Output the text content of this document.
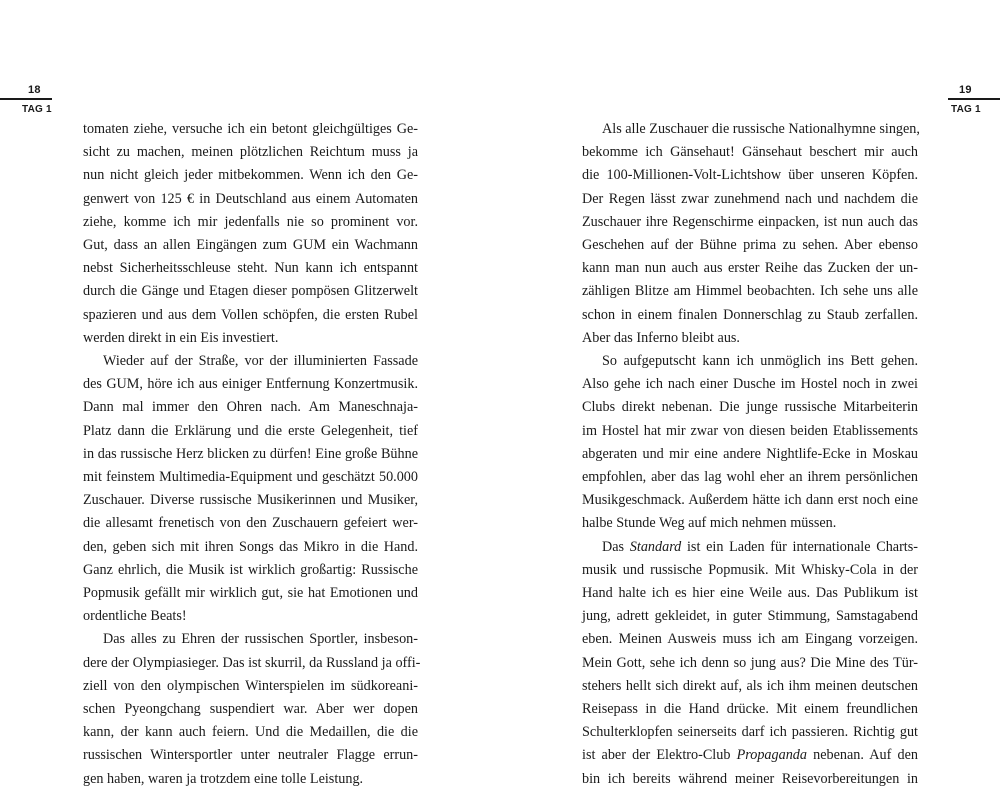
18
TAG 1
19
TAG 1
tomaten ziehe, versuche ich ein betont gleichgültiges Ge-
sicht zu machen, meinen plötzlichen Reichtum muss ja
nun nicht gleich jeder mitbekommen. Wenn ich den Ge-
genwert von 125 € in Deutschland aus einem Automaten
ziehe, komme ich mir jedenfalls nie so prominent vor.
Gut, dass an allen Eingängen zum GUM ein Wachmann
nebst Sicherheitsschleuse steht. Nun kann ich entspannt
durch die Gänge und Etagen dieser pompösen Glitzerwelt
spazieren und aus dem Vollen schöpfen, die ersten Rubel
werden direkt in ein Eis investiert.
Wieder auf der Straße, vor der illuminierten Fassade
des GUM, höre ich aus einiger Entfernung Konzertmusik.
Dann mal immer den Ohren nach. Am Maneschnaja-
Platz dann die Erklärung und die erste Gelegenheit, tief
in das russische Herz blicken zu dürfen! Eine große Bühne
mit feinstem Multimedia-Equipment und geschätzt 50.000
Zuschauer. Diverse russische Musikerinnen und Musiker,
die allesamt frenetisch von den Zuschauern gefeiert wer-
den, geben sich mit ihren Songs das Mikro in die Hand.
Ganz ehrlich, die Musik ist wirklich großartig: Russische
Popmusik gefällt mir wirklich gut, sie hat Emotionen und
ordentliche Beats!
Das alles zu Ehren der russischen Sportler, insbeson-
dere der Olympiasieger. Das ist skurril, da Russland ja offi-
ziell von den olympischen Winterspielen im südkoreani-
schen Pyeongchang suspendiert war. Aber wer dopen
kann, der kann auch feiern. Und die Medaillen, die die
russischen Wintersportler unter neutraler Flagge errun-
gen haben, waren ja trotzdem eine tolle Leistung.
Als alle Zuschauer die russische Nationalhymne singen,
bekomme ich Gänsehaut! Gänsehaut beschert mir auch
die 100-Millionen-Volt-Lichtshow über unseren Köpfen.
Der Regen lässt zwar zunehmend nach und nachdem die
Zuschauer ihre Regenschirme einpacken, ist nun auch das
Geschehen auf der Bühne prima zu sehen. Aber ebenso
kann man nun auch aus erster Reihe das Zucken der un-
zähligen Blitze am Himmel beobachten. Ich sehe uns alle
schon in einem finalen Donnerschlag zu Staub zerfallen.
Aber das Inferno bleibt aus.
So aufgeputscht kann ich unmöglich ins Bett gehen.
Also gehe ich nach einer Dusche im Hostel noch in zwei
Clubs direkt nebenan. Die junge russische Mitarbeiterin
im Hostel hat mir zwar von diesen beiden Etablissements
abgeraten und mir eine andere Nightlife-Ecke in Moskau
empfohlen, aber das lag wohl eher an ihrem persönlichen
Musikgeschmack. Außerdem hätte ich dann erst noch eine
halbe Stunde Weg auf mich nehmen müssen.
Das Standard ist ein Laden für internationale Charts-
musik und russische Popmusik. Mit Whisky-Cola in der
Hand halte ich es hier eine Weile aus. Das Publikum ist
jung, adrett gekleidet, in guter Stimmung, Samstagabend
eben. Meinen Ausweis muss ich am Eingang vorzeigen.
Mein Gott, sehe ich denn so jung aus? Die Mine des Tür-
stehers hellt sich direkt auf, als ich ihm meinen deutschen
Reisepass in die Hand drücke. Mit einem freundlichen
Schulterklopfen seinerseits darf ich passieren. Richtig gut
ist aber der Elektro-Club Propaganda nebenan. Auf den
bin ich bereits während meiner Reisevorbereitungen in
